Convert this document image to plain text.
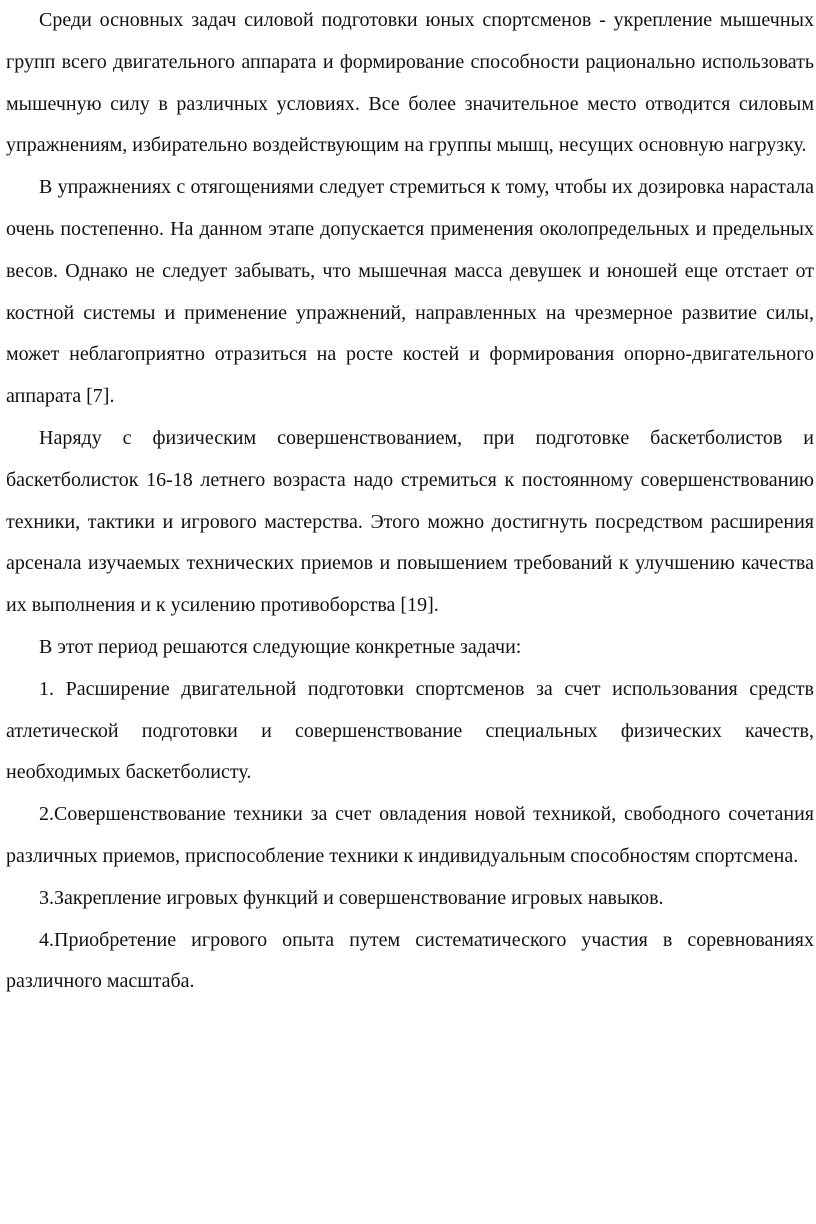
Среди основных задач силовой подготовки юных спортсменов - укрепление мышечных групп всего двигательного аппарата и формирование способности рационально использовать мышечную силу в различных условиях. Все более значительное место отводится силовым упражнениям, избирательно воздействующим на группы мышц, несущих основную нагрузку.

В упражнениях с отягощениями следует стремиться к тому, чтобы их дозировка нарастала очень постепенно. На данном этапе допускается применения околопредельных и предельных весов. Однако не следует забывать, что мышечная масса девушек и юношей еще отстает от костной системы и применение упражнений, направленных на чрезмерное развитие силы, может неблагоприятно отразиться на росте костей и формирования опорно-двигательного аппарата [7].

Наряду с физическим совершенствованием, при подготовке баскетболистов и баскетболисток 16-18 летнего возраста надо стремиться к постоянному совершенствованию техники, тактики и игрового мастерства. Этого можно достигнуть посредством расширения арсенала изучаемых технических приемов и повышением требований к улучшению качества их выполнения и к усилению противоборства [19].

В этот период решаются следующие конкретные задачи:

1. Расширение двигательной подготовки спортсменов за счет использования средств атлетической подготовки и совершенствование специальных физических качеств, необходимых баскетболисту.

2.Совершенствование техники за счет овладения новой техникой, свободного сочетания различных приемов, приспособление техники к индивидуальным способностям спортсмена.

3.Закрепление игровых функций и совершенствование игровых навыков.

4.Приобретение игрового опыта путем систематического участия в соревнованиях различного масштаба.
